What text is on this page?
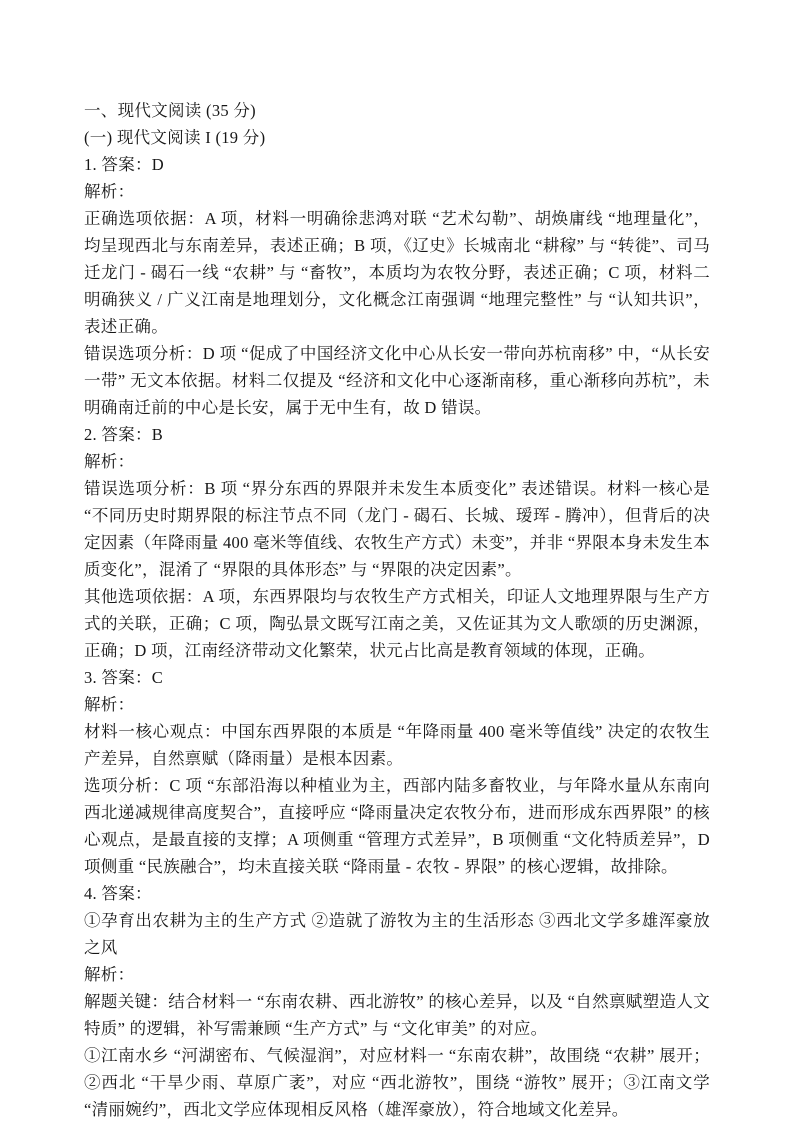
一、现代文阅读 (35 分)

(一) 现代文阅读 I (19 分)

1. 答案：D

解析：

正确选项依据：A 项，材料一明确徐悲鸿对联 “艺术勾勒”、胡焕庸线 “地理量化”，均呈现西北与东南差异，表述正确；B 项，《辽史》长城南北 “耕稼” 与 “转徙”、司马迁龙门 - 碣石一线 “农耕” 与 “畜牧”，本质均为农牧分野，表述正确；C 项，材料二明确狭义 / 广义江南是地理划分，文化概念江南强调 “地理完整性” 与 “认知共识”，表述正确。

错误选项分析：D 项 “促成了中国经济文化中心从长安一带向苏杭南移” 中，“从长安一带” 无文本依据。材料二仅提及 “经济和文化中心逐渐南移，重心渐移向苏杭”，未明确南迁前的中心是长安，属于无中生有，故 D 错误。

2. 答案：B

解析：

错误选项分析：B 项 “界分东西的界限并未发生本质变化” 表述错误。材料一核心是 “不同历史时期界限的标注节点不同（龙门 - 碣石、长城、瑷珲 - 腾冲），但背后的决定因素（年降雨量 400 毫米等值线、农牧生产方式）未变”，并非 “界限本身未发生本质变化”，混淆了 “界限的具体形态” 与 “界限的决定因素”。

其他选项依据：A 项，东西界限均与农牧生产方式相关，印证人文地理界限与生产方式的关联，正确；C 项，陶弘景文既写江南之美，又佐证其为文人歌颂的历史渊源，正确；D 项，江南经济带动文化繁荣，状元占比高是教育领域的体现，正确。

3. 答案：C

解析：

材料一核心观点：中国东西界限的本质是 “年降雨量 400 毫米等值线” 决定的农牧生产差异，自然禀赋（降雨量）是根本因素。

选项分析：C 项 “东部沿海以种植业为主，西部内陆多畜牧业，与年降水量从东南向西北递减规律高度契合”，直接呼应 “降雨量决定农牧分布，进而形成东西界限” 的核心观点，是最直接的支撑；A 项侧重 “管理方式差异”，B 项侧重 “文化特质差异”，D 项侧重 “民族融合”，均未直接关联 “降雨量 - 农牧 - 界限” 的核心逻辑，故排除。

4. 答案：

①孕育出农耕为主的生产方式 ②造就了游牧为主的生活形态 ③西北文学多雄浑豪放之风

解析：

解题关键：结合材料一 “东南农耕、西北游牧” 的核心差异，以及 “自然禀赋塑造人文特质” 的逻辑，补写需兼顾 “生产方式” 与 “文化审美” 的对应。

①江南水乡 “河湖密布、气候湿润”，对应材料一 “东南农耕”，故围绕 “农耕” 展开；②西北 “干旱少雨、草原广袤”，对应 “西北游牧”，围绕 “游牧” 展开；③江南文学 “清丽婉约”，西北文学应体现相反风格（雄浑豪放），符合地域文化差异。
